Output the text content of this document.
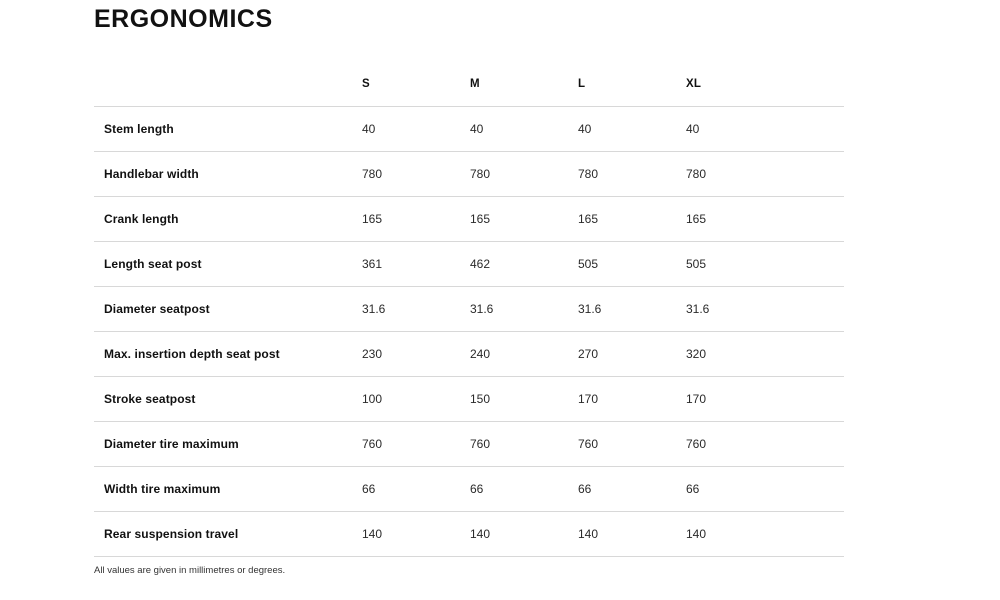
ERGONOMICS
	S	M	L	XL	
Stem length	40	40	40	40	
Handlebar width	780	780	780	780	
Crank length	165	165	165	165	
Length seat post	361	462	505	505	
Diameter seatpost	31.6	31.6	31.6	31.6	
Max. insertion depth seat post	230	240	270	320	
Stroke seatpost	100	150	170	170	
Diameter tire maximum	760	760	760	760	
Width tire maximum	66	66	66	66	
Rear suspension travel	140	140	140	140	
All values are given in millimetres or degrees.
